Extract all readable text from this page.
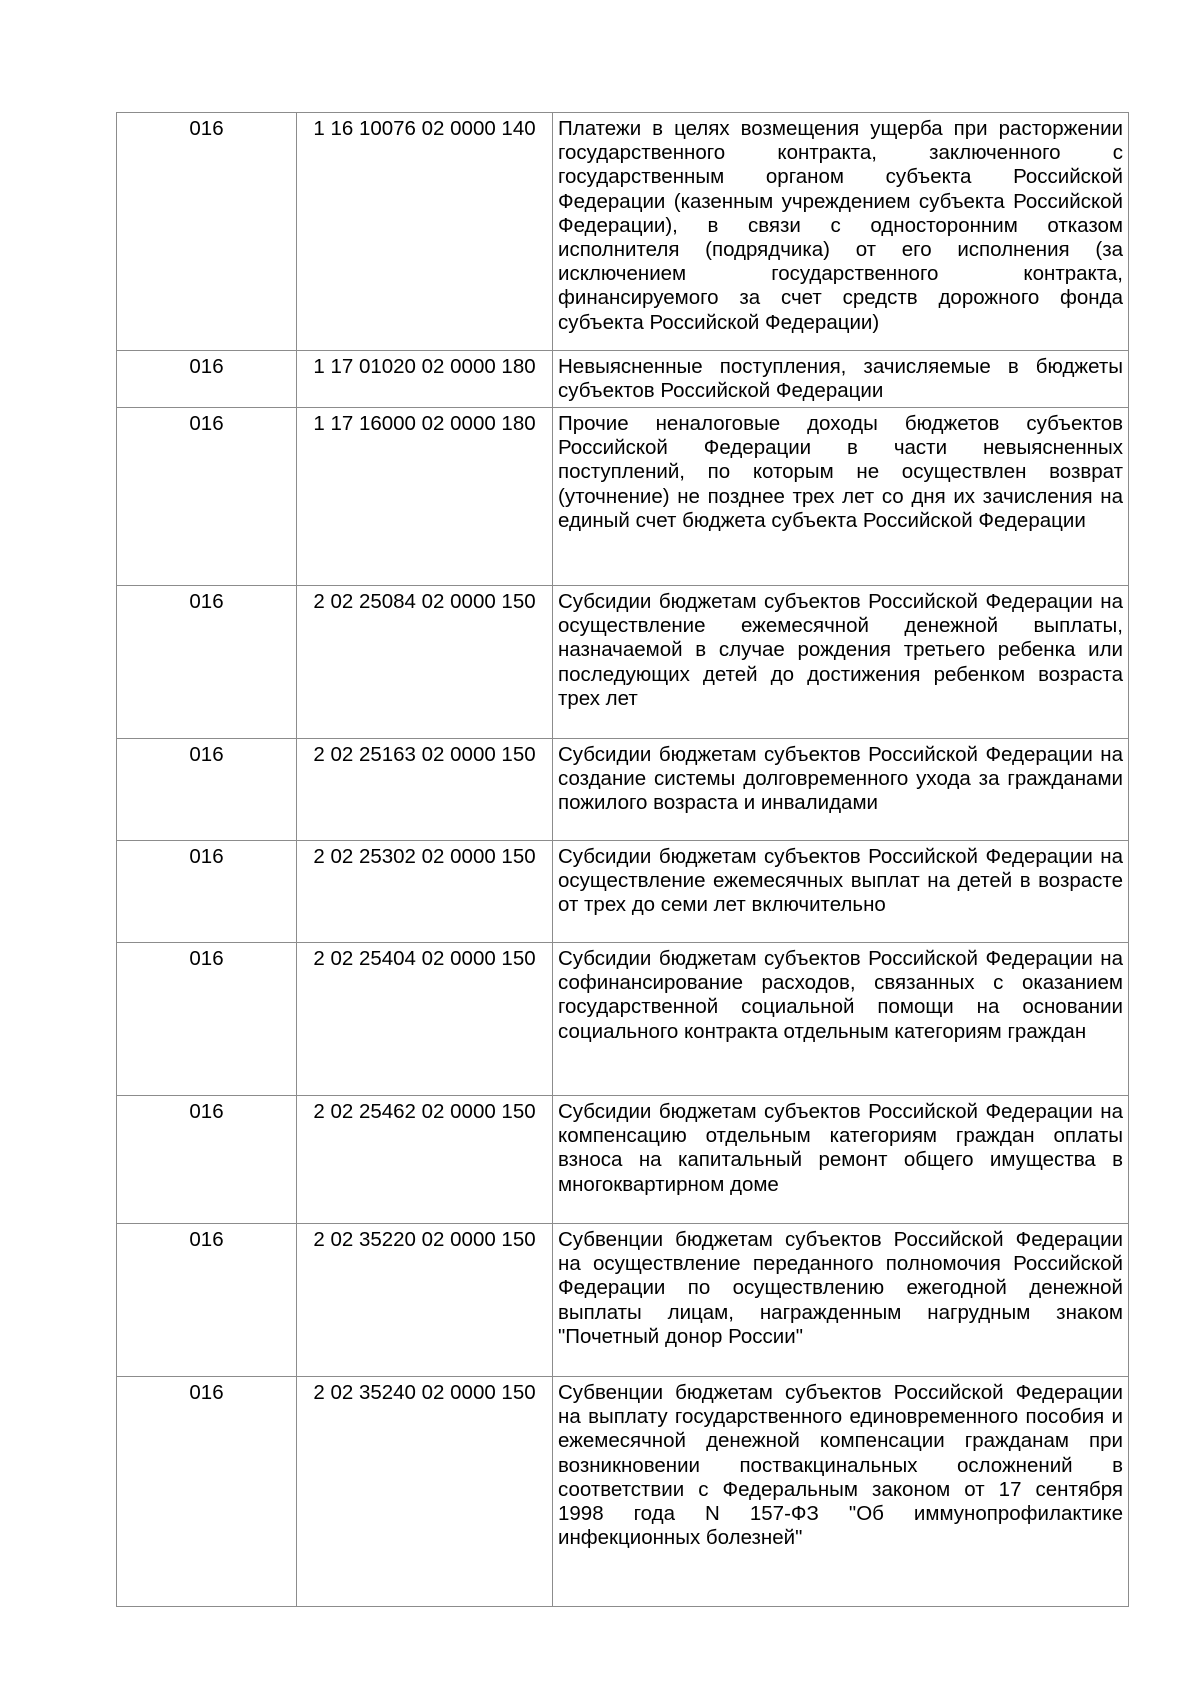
016	1 16 10076 02 0000 140	Платежи в целях возмещения ущерба при расторжении государственного контракта, заключенного с государственным органом субъекта Российской Федерации (казенным учреждением субъекта Российской Федерации), в связи с односторонним отказом исполнителя (подрядчика) от его исполнения (за исключением государственного контракта, финансируемого за счет средств дорожного фонда субъекта Российской Федерации)
016	1 17 01020 02 0000 180	Невыясненные поступления, зачисляемые в бюджеты субъектов Российской Федерации
016	1 17 16000 02 0000 180	Прочие неналоговые доходы бюджетов субъектов Российской Федерации в части невыясненных поступлений, по которым не осуществлен возврат (уточнение) не позднее трех лет со дня их зачисления на единый счет бюджета субъекта Российской Федерации
016	2 02 25084 02 0000 150	Субсидии бюджетам субъектов Российской Федерации на осуществление ежемесячной денежной выплаты, назначаемой в случае рождения третьего ребенка или последующих детей до достижения ребенком возраста трех лет
016	2 02 25163 02 0000 150	Субсидии бюджетам субъектов Российской Федерации на создание системы долговременного ухода за гражданами пожилого возраста и инвалидами
016	2 02 25302 02 0000 150	Субсидии бюджетам субъектов Российской Федерации на осуществление ежемесячных выплат на детей в возрасте от трех до семи лет включительно
016	2 02 25404 02 0000 150	Субсидии бюджетам субъектов Российской Федерации на софинансирование расходов, связанных с оказанием государственной социальной помощи на основании социального контракта отдельным категориям граждан
016	2 02 25462 02 0000 150	Субсидии бюджетам субъектов Российской Федерации на компенсацию отдельным категориям граждан оплаты взноса на капитальный ремонт общего имущества в многоквартирном доме
016	2 02 35220 02 0000 150	Субвенции бюджетам субъектов Российской Федерации на осуществление переданного полномочия Российской Федерации по осуществлению ежегодной денежной выплаты лицам, награжденным нагрудным знаком "Почетный донор России"
016	2 02 35240 02 0000 150	Субвенции бюджетам субъектов Российской Федерации на выплату государственного единовременного пособия и ежемесячной денежной компенсации гражданам при возникновении поствакцинальных осложнений в соответствии с Федеральным законом от 17 сентября 1998 года N 157-ФЗ "Об иммунопрофилактике инфекционных болезней"
